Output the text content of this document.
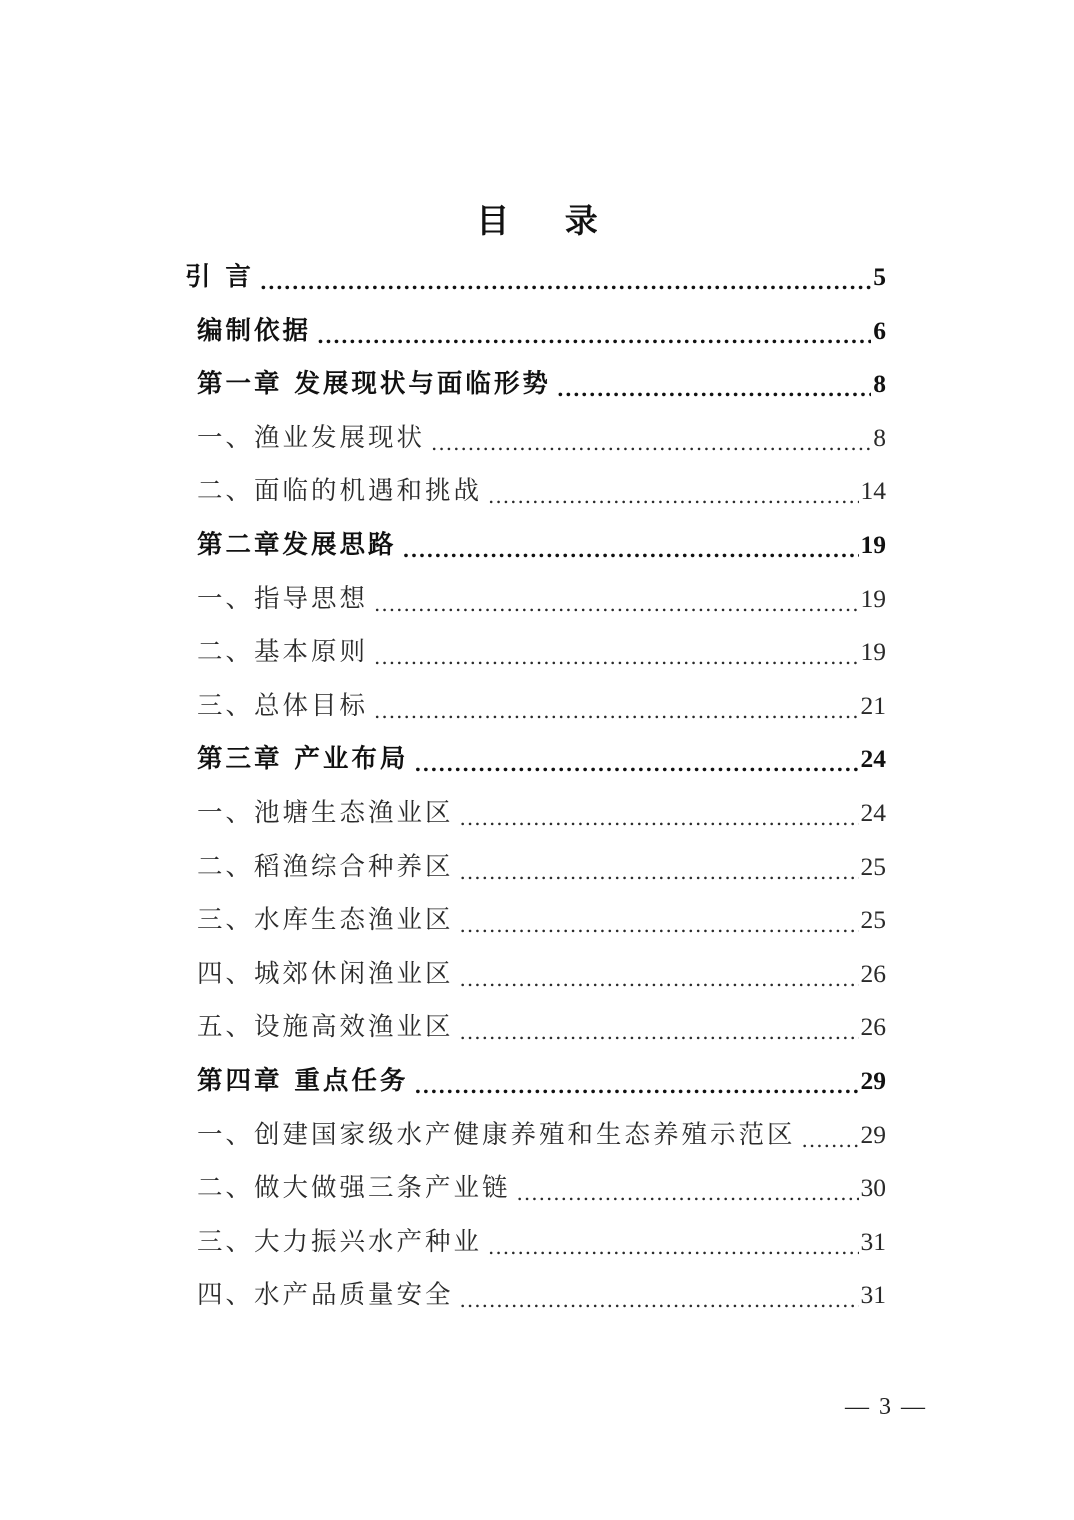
目 录
引 言 .....	5
编制依据 .....	6
第一章 发展现状与面临形势 .....	8
一、渔业发展现状 .....	8
二、面临的机遇和挑战 .....	14
第二章发展思路 .....	19
一、指导思想 .....	19
二、基本原则 .....	19
三、总体目标 .....	21
第三章 产业布局 .....	24
一、池塘生态渔业区 .....	24
二、稻渔综合种养区 .....	25
三、水库生态渔业区 .....	25
四、城郊休闲渔业区 .....	26
五、设施高效渔业区 .....	26
第四章 重点任务 .....	29
一、创建国家级水产健康养殖和生态养殖示范区 .....	29
二、做大做强三条产业链 .....	30
三、大力振兴水产种业 .....	31
四、水产品质量安全 .....	31
— 3 —
